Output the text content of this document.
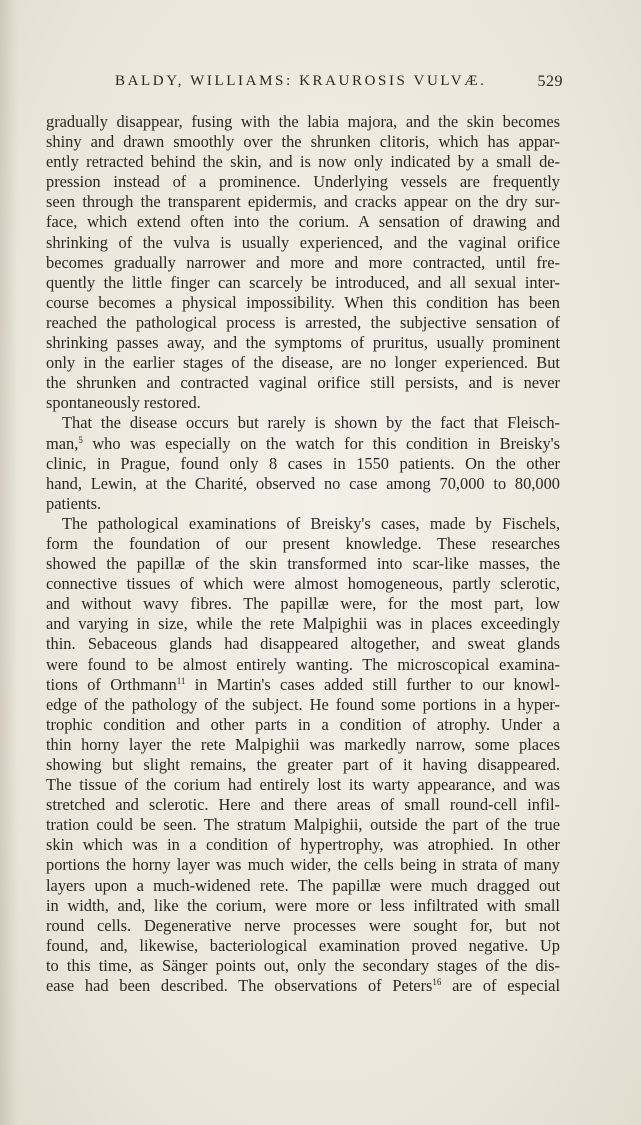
BALDY, WILLIAMS: KRAUROSIS VULVÆ.	529
gradually disappear, fusing with the labia majora, and the skin becomes
shiny and drawn smoothly over the shrunken clitoris, which has appar-
ently retracted behind the skin, and is now only indicated by a small de-
pression instead of a prominence. Underlying vessels are frequently
seen through the transparent epidermis, and cracks appear on the dry sur-
face, which extend often into the corium. A sensation of drawing and
shrinking of the vulva is usually experienced, and the vaginal orifice
becomes gradually narrower and more and more contracted, until fre-
quently the little finger can scarcely be introduced, and all sexual inter-
course becomes a physical impossibility. When this condition has been
reached the pathological process is arrested, the subjective sensation of
shrinking passes away, and the symptoms of pruritus, usually prominent
only in the earlier stages of the disease, are no longer experienced. But
the shrunken and contracted vaginal orifice still persists, and is never
spontaneously restored.
That the disease occurs but rarely is shown by the fact that Fleisch-
man,$^5$ who was especially on the watch for this condition in Breisky's
clinic, in Prague, found only 8 cases in 1550 patients. On the other
hand, Lewin, at the Charité, observed no case among 70,000 to 80,000
patients.
The pathological examinations of Breisky's cases, made by Fischels,
form the foundation of our present knowledge. These researches
showed the papillæ of the skin transformed into scar-like masses, the
connective tissues of which were almost homogeneous, partly sclerotic,
and without wavy fibres. The papillæ were, for the most part, low
and varying in size, while the rete Malpighii was in places exceedingly
thin. Sebaceous glands had disappeared altogether, and sweat glands
were found to be almost entirely wanting. The microscopical examina-
tions of Orthmann$^{11}$ in Martin's cases added still further to our knowl-
edge of the pathology of the subject. He found some portions in a hyper-
trophic condition and other parts in a condition of atrophy. Under a
thin horny layer the rete Malpighii was markedly narrow, some places
showing but slight remains, the greater part of it having disappeared.
The tissue of the corium had entirely lost its warty appearance, and was
stretched and sclerotic. Here and there areas of small round-cell infil-
tration could be seen. The stratum Malpighii, outside the part of the true
skin which was in a condition of hypertrophy, was atrophied. In other
portions the horny layer was much wider, the cells being in strata of many
layers upon a much-widened rete. The papillæ were much dragged out
in width, and, like the corium, were more or less infiltrated with small
round cells. Degenerative nerve processes were sought for, but not
found, and, likewise, bacteriological examination proved negative. Up
to this time, as Sänger points out, only the secondary stages of the dis-
ease had been described. The observations of Peters$^{16}$ are of especial
